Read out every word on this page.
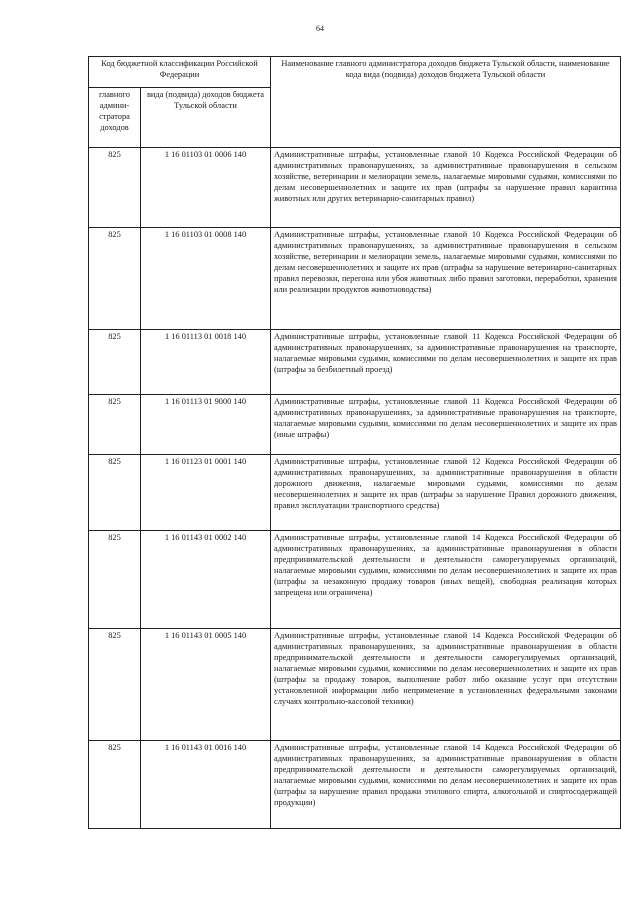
64
Код бюджетной классификации Российской Федерации		Наименование главного администратора доходов бюджета Тульской области, наименование кода вида (подвида) доходов бюджета Тульской области
главного админи-стратора доходов	вида (подвида) доходов бюджета Тульской области	
825	1 16 01103 01 0006 140	Административные штрафы, установленные главой 10 Кодекса Российской Федерации об административных правонарушениях, за административные правонарушения в сельском хозяйстве, ветеринарии и мелиорации земель, налагаемые мировыми судьями, комиссиями по делам несовершеннолетних и защите их прав (штрафы за нарушение правил карантина животных или других ветеринарно-санитарных правил)
825	1 16 01103 01 0008 140	Административные штрафы, установленные главой 10 Кодекса Российской Федерации об административных правонарушениях, за административные правонарушения в сельском хозяйстве, ветеринарии и мелиорации земель, налагаемые мировыми судьями, комиссиями по делам несовершеннолетних и защите их прав (штрафы за нарушение ветеринарно-санитарных правил перевозки, перегона или убоя животных либо правил заготовки, переработки, хранения или реализации продуктов животноводства)
825	1 16 01113 01 0018 140	Административные штрафы, установленные главой 11 Кодекса Российской Федерации об административных правонарушениях, за административные правонарушения на транспорте, налагаемые мировыми судьями, комиссиями по делам несовершеннолетних и защите их прав (штрафы за безбилетный проезд)
825	1 16 01113 01 9000 140	Административные штрафы, установленные главой 11 Кодекса Российской Федерации об административных правонарушениях, за административные правонарушения на транспорте, налагаемые мировыми судьями, комиссиями по делам несовершеннолетних и защите их прав (иные штрафы)
825	1 16 01123 01 0001 140	Административные штрафы, установленные главой 12 Кодекса Российской Федерации об административных правонарушениях, за административные правонарушения в области дорожного движения, налагаемые мировыми судьями, комиссиями по делам несовершеннолетних и защите их прав (штрафы за нарушение Правил дорожного движения, правил эксплуатации транспортного средства)
825	1 16 01143 01 0002 140	Административные штрафы, установленные главой 14 Кодекса Российской Федерации об административных правонарушениях, за административные правонарушения в области предпринимательской деятельности и деятельности саморегулируемых организаций, налагаемые мировыми судьями, комиссиями по делам несовершеннолетних и защите их прав (штрафы за незаконную продажу товаров (иных вещей), свободная реализация которых запрещена или ограничена)
825	1 16 01143 01 0005 140	Административные штрафы, установленные главой 14 Кодекса Российской Федерации об административных правонарушениях, за административные правонарушения в области предпринимательской деятельности и деятельности саморегулируемых организаций, налагаемые мировыми судьями, комиссиями по делам несовершеннолетних и защите их прав (штрафы за продажу товаров, выполнение работ либо оказание услуг при отсутствии установленной информации либо неприменение в установленных федеральными законами случаях контрольно-кассовой техники)
825	1 16 01143 01 0016 140	Административные штрафы, установленные главой 14 Кодекса Российской Федерации об административных правонарушениях, за административные правонарушения в области предпринимательской деятельности и деятельности саморегулируемых организаций, налагаемые мировыми судьями, комиссиями по делам несовершеннолетних и защите их прав (штрафы за нарушение правил продажи этилового спирта, алкогольной и спиртосодержащей продукции)
